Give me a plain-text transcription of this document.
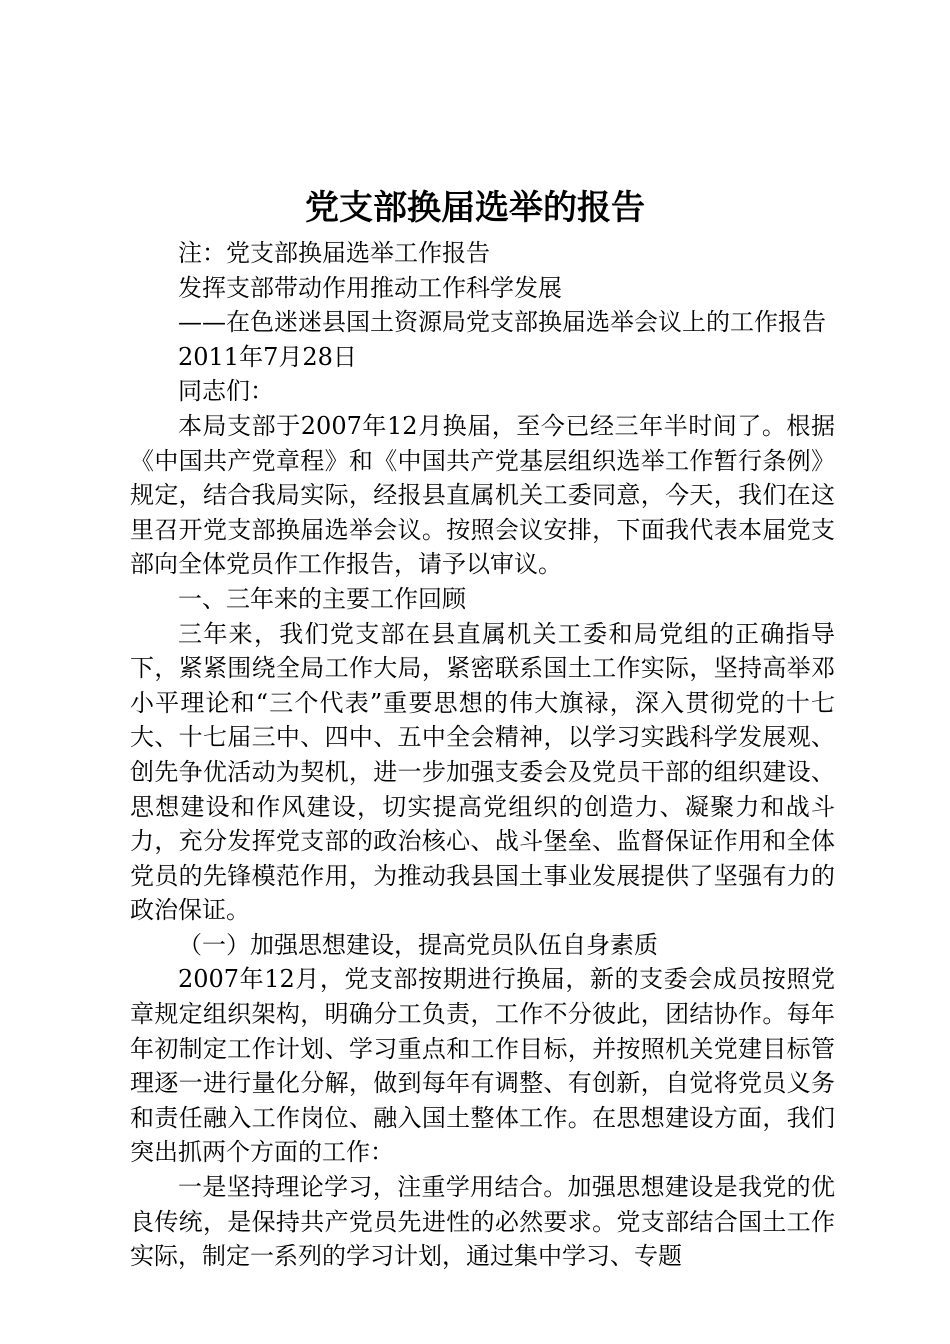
党支部换届选举的报告

注：党支部换届选举工作报告

发挥支部带动作用推动工作科学发展

——在色迷迷县国土资源局党支部换届选举会议上的工作报告

2011年7月28日

同志们：

本局支部于2007年12月换届，至今已经三年半时间了。根据《中国共产党章程》和《中国共产党基层组织选举工作暂行条例》规定，结合我局实际，经报县直属机关工委同意，今天，我们在这里召开党支部换届选举会议。按照会议安排，下面我代表本届党支部向全体党员作工作报告，请予以审议。

一、三年来的主要工作回顾

三年来，我们党支部在县直属机关工委和局党组的正确指导下，紧紧围绕全局工作大局，紧密联系国土工作实际，坚持高举邓小平理论和“三个代表”重要思想的伟大旗䘵，深入贯彻党的十七大、十七届三中、四中、五中全会精神，以学习实践科学发展观、创先争优活动为契机，进一步加强支委会及党员干部的组织建设、思想建设和作风建设，切实提高党组织的创造力、凝聚力和战斗力，充分发挥党支部的政治核心、战斗堡垒、监督保证作用和全体党员的先锋模范作用，为推动我县国土事业发展提供了坚强有力的政治保证。

（一）加强思想建设，提高党员队伍自身素质

2007年12月，党支部按期进行换届，新的支委会成员按照党章规定组织架构，明确分工负责，工作不分彼此，团结协作。每年年初制定工作计划、学习重点和工作目标，并按照机关党建目标管理逐一进行量化分解，做到每年有调整、有创新，自觉将党员义务和责任融入工作岗位、融入国土整体工作。在思想建设方面，我们突出抓两个方面的工作：

一是坚持理论学习，注重学用结合。加强思想建设是我党的优良传统，是保持共产党员先进性的必然要求。党支部结合国土工作实际，制定一系列的学习计划，通过集中学习、专题
